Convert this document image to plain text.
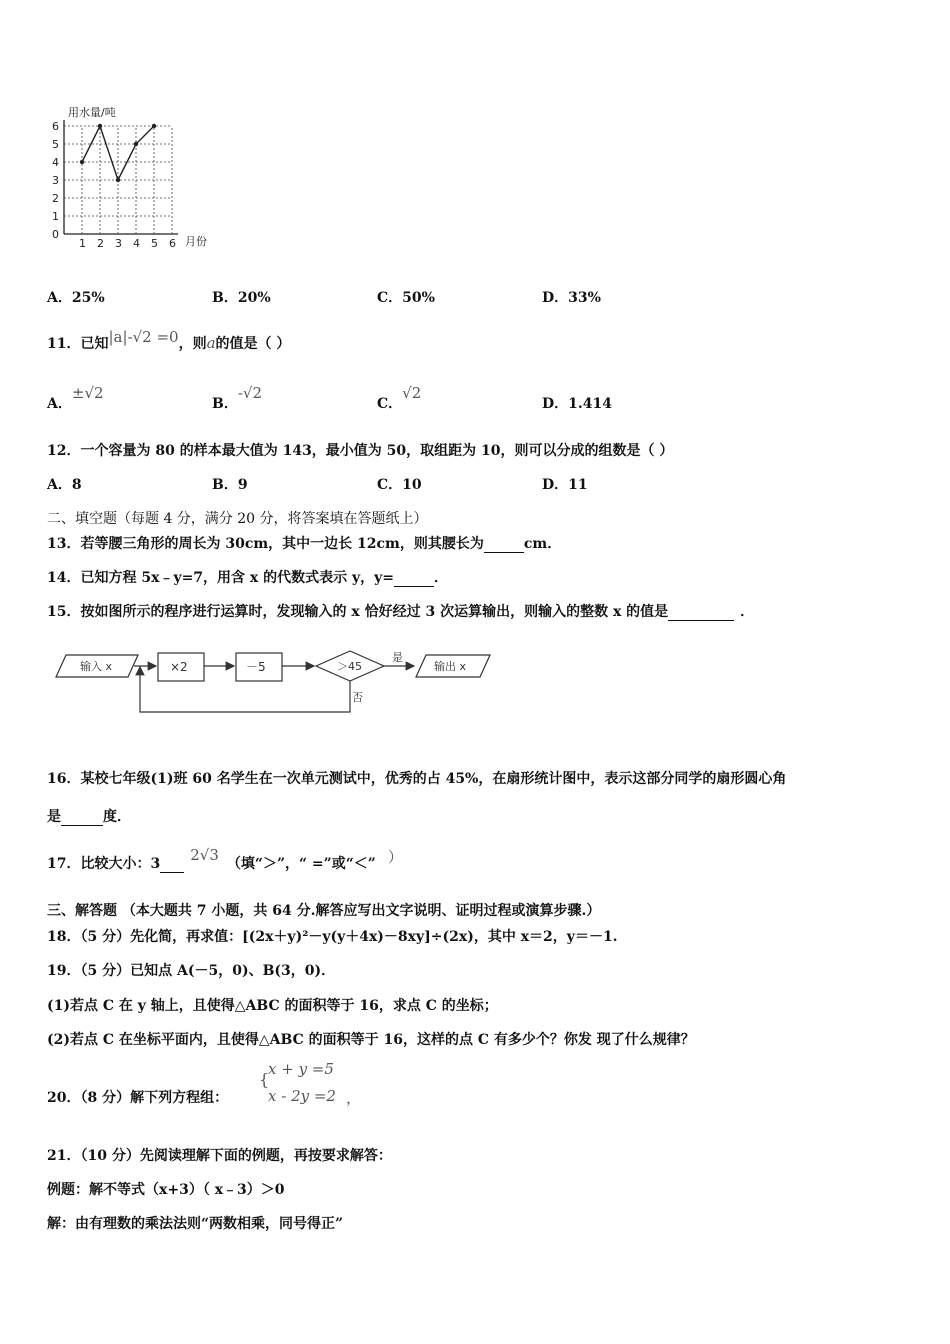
用水量/吨
月份
0
1
2
3
4
5
6
1 2 3 4 5 6
A．25%	B．20%	C．50%	D．33%
11．已知|a|-√2 =0，则a的值是（ ）
A．±√2
B．-√2
C．√2
D．1.414
12．一个容量为 80 的样本最大值为 143，最小值为 50，取组距为 10，则可以分成的组数是（ ）
A．8	B．9	C．10	D．11
二、填空题（每题 4 分，满分 20 分，将答案填在答题纸上）
13．若等腰三角形的周长为 30cm，其中一边长 12cm，则其腰长为	cm．
14．已知方程 5x﹣y=7，用含 x 的代数式表示 y，y=	．
15．按如图所示的程序进行运算时，发现输入的 x 恰好经过 3 次运算输出，则输入的整数 x 的值是	．
输入 x	×2	－5	＞45
是
输出 x
否
16．某校七年级(1)班 60 名学生在一次单元测试中，优秀的占 45%，在扇形统计图中，表示这部分同学的扇形圆心角
是	度．
17．比较大小：3 2√3 （填“＞”，“ =”或“＜” ）
三、解答题 （本大题共 7 小题，共 64 分.解答应写出文字说明、证明过程或演算步骤.）
18．（5 分）先化简，再求值：[(2x＋y)²－y(y＋4x)－8xy]÷(2x)，其中 x＝2，y＝－1.
19．（5 分）已知点 A(－5，0)、B(3，0)．
(1)若点 C 在 y 轴上，且使得△ABC 的面积等于 16，求点 C 的坐标；
(2)若点 C 在坐标平面内，且使得△ABC 的面积等于 16，这样的点 C 有多少个？你发 现了什么规律？
20．（8 分）解下列方程组：
{
x + y =5
x - 2y =2 ，
21．（10 分）先阅读理解下面的例题，再按要求解答：
例题：解不等式（x+3）（ x﹣3）＞0
解：由有理数的乘法法则“两数相乘，同号得正”
